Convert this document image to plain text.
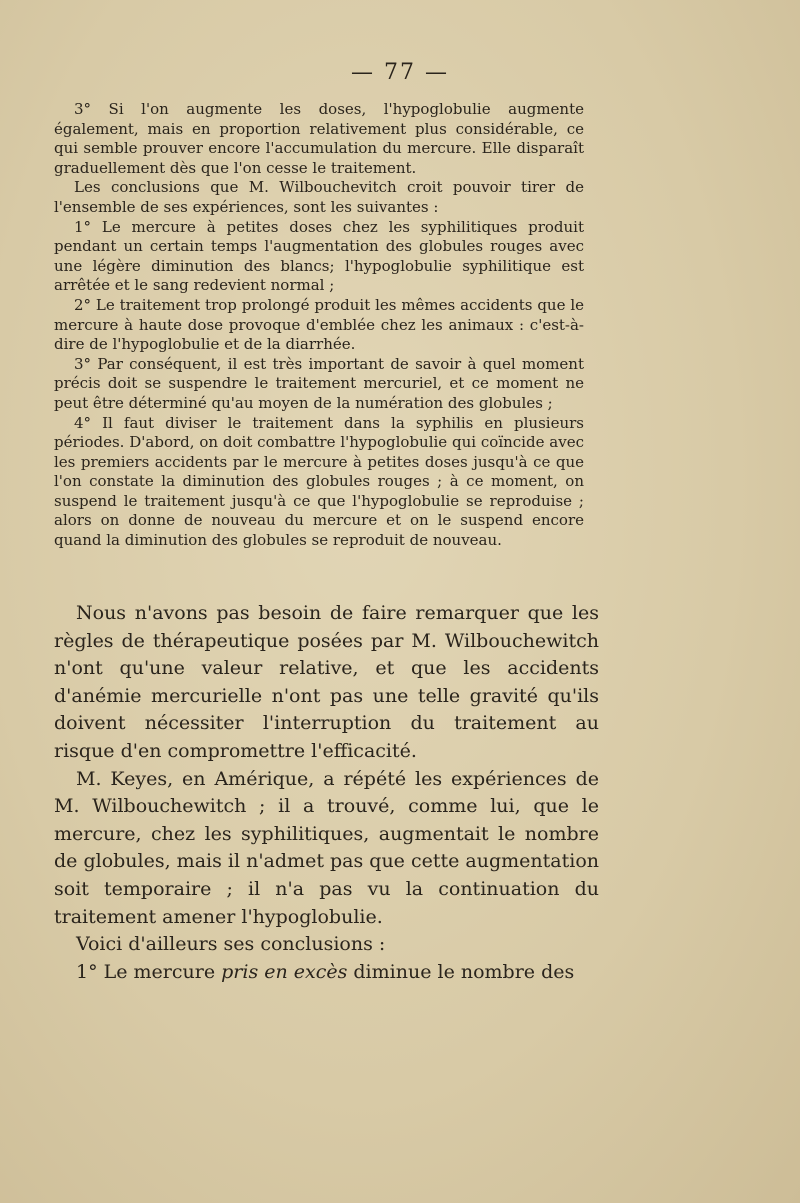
— 77 —

3° Si l'on augmente les doses, l'hypoglobulie augmente également, mais en proportion relativement plus considérable, ce qui semble prouver encore l'accumulation du mercure. Elle disparaît graduellement dès que l'on cesse le traitement.

Les conclusions que M. Wilbouchevitch croit pouvoir tirer de l'ensemble de ses expériences, sont les suivantes :

1° Le mercure à petites doses chez les syphilitiques produit pendant un certain temps l'augmentation des globules rouges avec une légère diminution des blancs; l'hypoglobulie syphilitique est arrêtée et le sang redevient normal ;

2° Le traitement trop prolongé produit les mêmes accidents que le mercure à haute dose provoque d'emblée chez les animaux : c'est-à-dire de l'hypoglobulie et de la diarrhée.

3° Par conséquent, il est très important de savoir à quel moment précis doit se suspendre le traitement mercuriel, et ce moment ne peut être déterminé qu'au moyen de la numération des globules ;

4° Il faut diviser le traitement dans la syphilis en plusieurs périodes. D'abord, on doit combattre l'hypoglobulie qui coïncide avec les premiers accidents par le mercure à petites doses jusqu'à ce que l'on constate la diminution des globules rouges ; à ce moment, on suspend le traitement jusqu'à ce que l'hypoglobulie se reproduise ; alors on donne de nouveau du mercure et on le suspend encore quand la diminution des globules se reproduit de nouveau.

Nous n'avons pas besoin de faire remarquer que les règles de thérapeutique posées par M. Wilbouchewitch n'ont qu'une valeur relative, et que les accidents d'anémie mercurielle n'ont pas une telle gravité qu'ils doivent nécessiter l'interruption du traitement au risque d'en compromettre l'efficacité.

M. Keyes, en Amérique, a répété les expériences de M. Wilbouchewitch ; il a trouvé, comme lui, que le mercure, chez les syphilitiques, augmentait le nombre de globules, mais il n'admet pas que cette augmentation soit temporaire ; il n'a pas vu la continuation du traitement amener l'hypoglobulie.

Voici d'ailleurs ses conclusions :

1° Le mercure pris en excès diminue le nombre des
